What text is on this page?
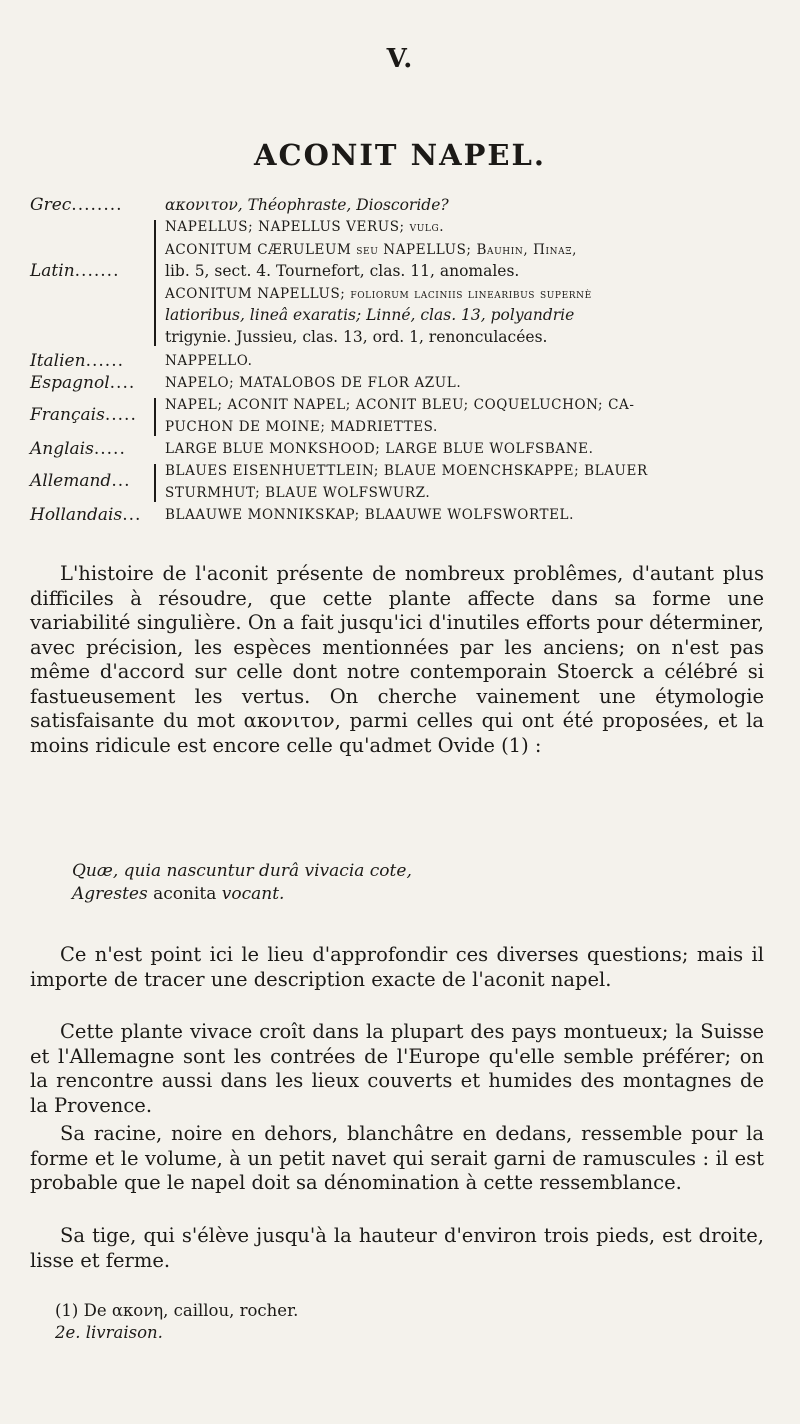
V.
ACONIT NAPEL.
Grec........	ακονιτον, Théophraste, Dioscoride?
Latin.......
NAPELLUS; NAPELLUS VERUS; vulg.
ACONITUM CÆRULEUM seu NAPELLUS; Bauhin, Πιναξ,
lib. 5, sect. 4. Tournefort, clas. 11, anomales.
ACONITUM NAPELLUS; foliorum laciniis linearibus supernè
latioribus, lineâ exaratis; Linné, clas. 13, polyandrie
trigynie. Jussieu, clas. 13, ord. 1, renonculacées.
Italien......	NAPPELLO.
Espagnol.... NAPELO; MATALOBOS DE FLOR AZUL.
Français..... NAPEL; ACONIT NAPEL; ACONIT BLEU; COQUELUCHON; CA-
PUCHON DE MOINE; MADRIETTES.
Anglais.....	LARGE BLUE MONKSHOOD; LARGE BLUE WOLFSBANE.
Allemand...	BLAUES EISENHUETTLEIN; BLAUE MOENCHSKAPPE; BLAUER
STURMHUT; BLAUE WOLFSWURZ.
Hollandais... BLAAUWE MONNIKSKAP; BLAAUWE WOLFSWORTEL.

L'histoire de l'aconit présente de nombreux problêmes, d'autant plus difficiles à résoudre, que cette plante affecte dans sa forme une variabilité singulière. On a fait jusqu'ici d'inutiles efforts pour déterminer, avec précision, les espèces mentionnées par les anciens; on n'est pas même d'accord sur celle dont notre contemporain Stoerck a célébré si fastueusement les vertus. On cherche vainement une étymologie satisfaisante du mot ακονιτον, parmi celles qui ont été proposées, et la moins ridicule est encore celle qu'admet Ovide (1) :

Quæ, quia nascuntur durâ vivacia cote,
Agrestes aconita vocant.

Ce n'est point ici le lieu d'approfondir ces diverses questions; mais il importe de tracer une description exacte de l'aconit napel.

Cette plante vivace croît dans la plupart des pays montueux; la Suisse et l'Allemagne sont les contrées de l'Europe qu'elle semble préférer; on la rencontre aussi dans les lieux couverts et humides des montagnes de la Provence.

Sa racine, noire en dehors, blanchâtre en dedans, ressemble pour la forme et le volume, à un petit navet qui serait garni de ramuscules : il est probable que le napel doit sa dénomination à cette ressemblance.

Sa tige, qui s'élève jusqu'à la hauteur d'environ trois pieds, est droite, lisse et ferme.

(1) De ακονη, caillou, rocher.
2e. livraison.
